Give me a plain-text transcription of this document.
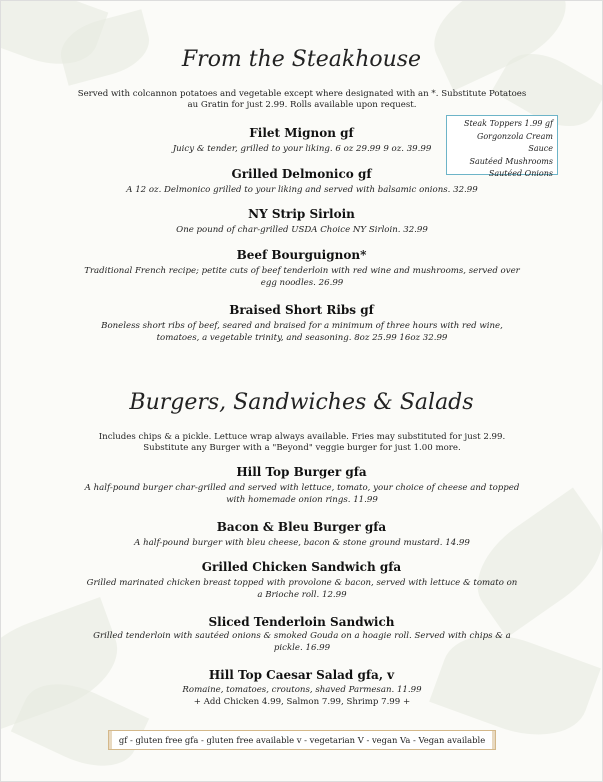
From the Steakhouse
Served with colcannon potatoes and vegetable except where designated with an *. Substitute Potatoes au Gratin for just 2.99. Rolls available upon request.
Steak Toppers 1.99 gf
Gorgonzola Cream Sauce
Sautéed Mushrooms
Sautéed Onions
Filet Mignon gf
Juicy & tender, grilled to your liking. 6 oz 29.99 9 oz. 39.99
Grilled Delmonico gf
A 12 oz. Delmonico grilled to your liking and served with balsamic onions. 32.99
NY Strip Sirloin
One pound of char-grilled USDA Choice NY Sirloin. 32.99
Beef Bourguignon*
Traditional French recipe; petite cuts of beef tenderloin with red wine and mushrooms, served over egg noodles. 26.99
Braised Short Ribs gf
Boneless short ribs of beef, seared and braised for a minimum of three hours with red wine, tomatoes, a vegetable trinity, and seasoning. 8oz 25.99 16oz 32.99
Burgers, Sandwiches & Salads
Includes chips & a pickle. Lettuce wrap always available. Fries may substituted for just 2.99. Substitute any Burger with a "Beyond" veggie burger for just 1.00 more.
Hill Top Burger gfa
A half-pound burger char-grilled and served with lettuce, tomato, your choice of cheese and topped with homemade onion rings. 11.99
Bacon & Bleu Burger gfa
A half-pound burger with bleu cheese, bacon & stone ground mustard. 14.99
Grilled Chicken Sandwich gfa
Grilled marinated chicken breast topped with provolone & bacon, served with lettuce & tomato on a Brioche roll. 12.99
Sliced Tenderloin Sandwich
Grilled tenderloin with sautéed onions & smoked Gouda on a hoagie roll. Served with chips & a pickle. 16.99
Hill Top Caesar Salad gfa, v
Romaine, tomatoes, croutons, shaved Parmesan. 11.99
+ Add Chicken 4.99, Salmon 7.99, Shrimp 7.99 +
gf - gluten free gfa - gluten free available v - vegetarian V - vegan Va - Vegan available
